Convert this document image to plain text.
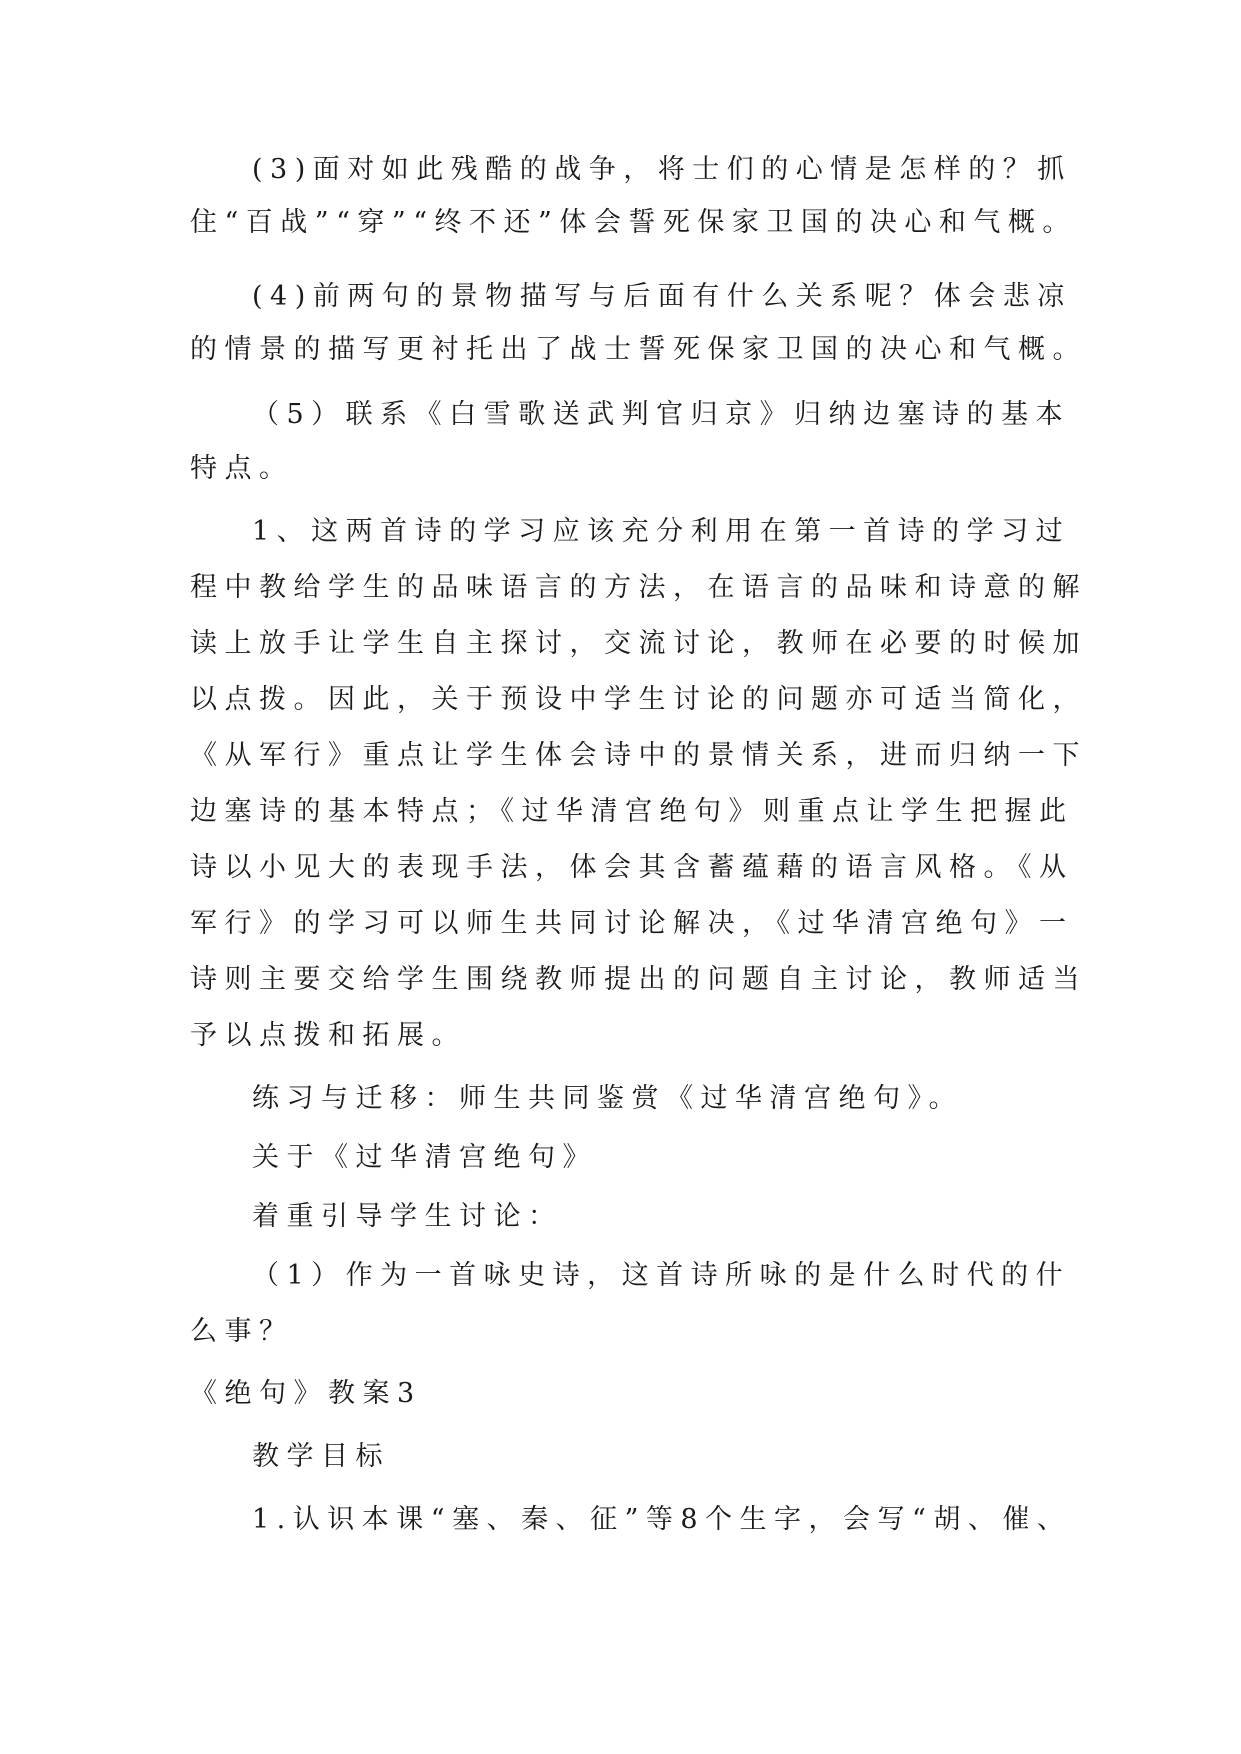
(3)面对如此残酷的战争，将士们的心情是怎样的？抓
住“百战”“穿”“终不还”体会誓死保家卫国的决心和气概。
(4)前两句的景物描写与后面有什么关系呢？体会悲凉
的情景的描写更衬托出了战士誓死保家卫国的决心和气概。
（5）联系《白雪歌送武判官归京》归纳边塞诗的基本
特点。
1、这两首诗的学习应该充分利用在第一首诗的学习过
程中教给学生的品味语言的方法，在语言的品味和诗意的解
读上放手让学生自主探讨，交流讨论，教师在必要的时候加
以点拨。因此，关于预设中学生讨论的问题亦可适当简化，
《从军行》重点让学生体会诗中的景情关系，进而归纳一下
边塞诗的基本特点；《过华清宫绝句》则重点让学生把握此
诗以小见大的表现手法，体会其含蓄蕴藉的语言风格。《从
军行》的学习可以师生共同讨论解决，《过华清宫绝句》一
诗则主要交给学生围绕教师提出的问题自主讨论，教师适当
予以点拨和拓展。
练习与迁移：师生共同鉴赏《过华清宫绝句》。
关于《过华清宫绝句》
着重引导学生讨论：
（1）作为一首咏史诗，这首诗所咏的是什么时代的什
么事？
《绝句》教案3
教学目标
1.认识本课“塞、秦、征”等8个生字，会写“胡、催、
